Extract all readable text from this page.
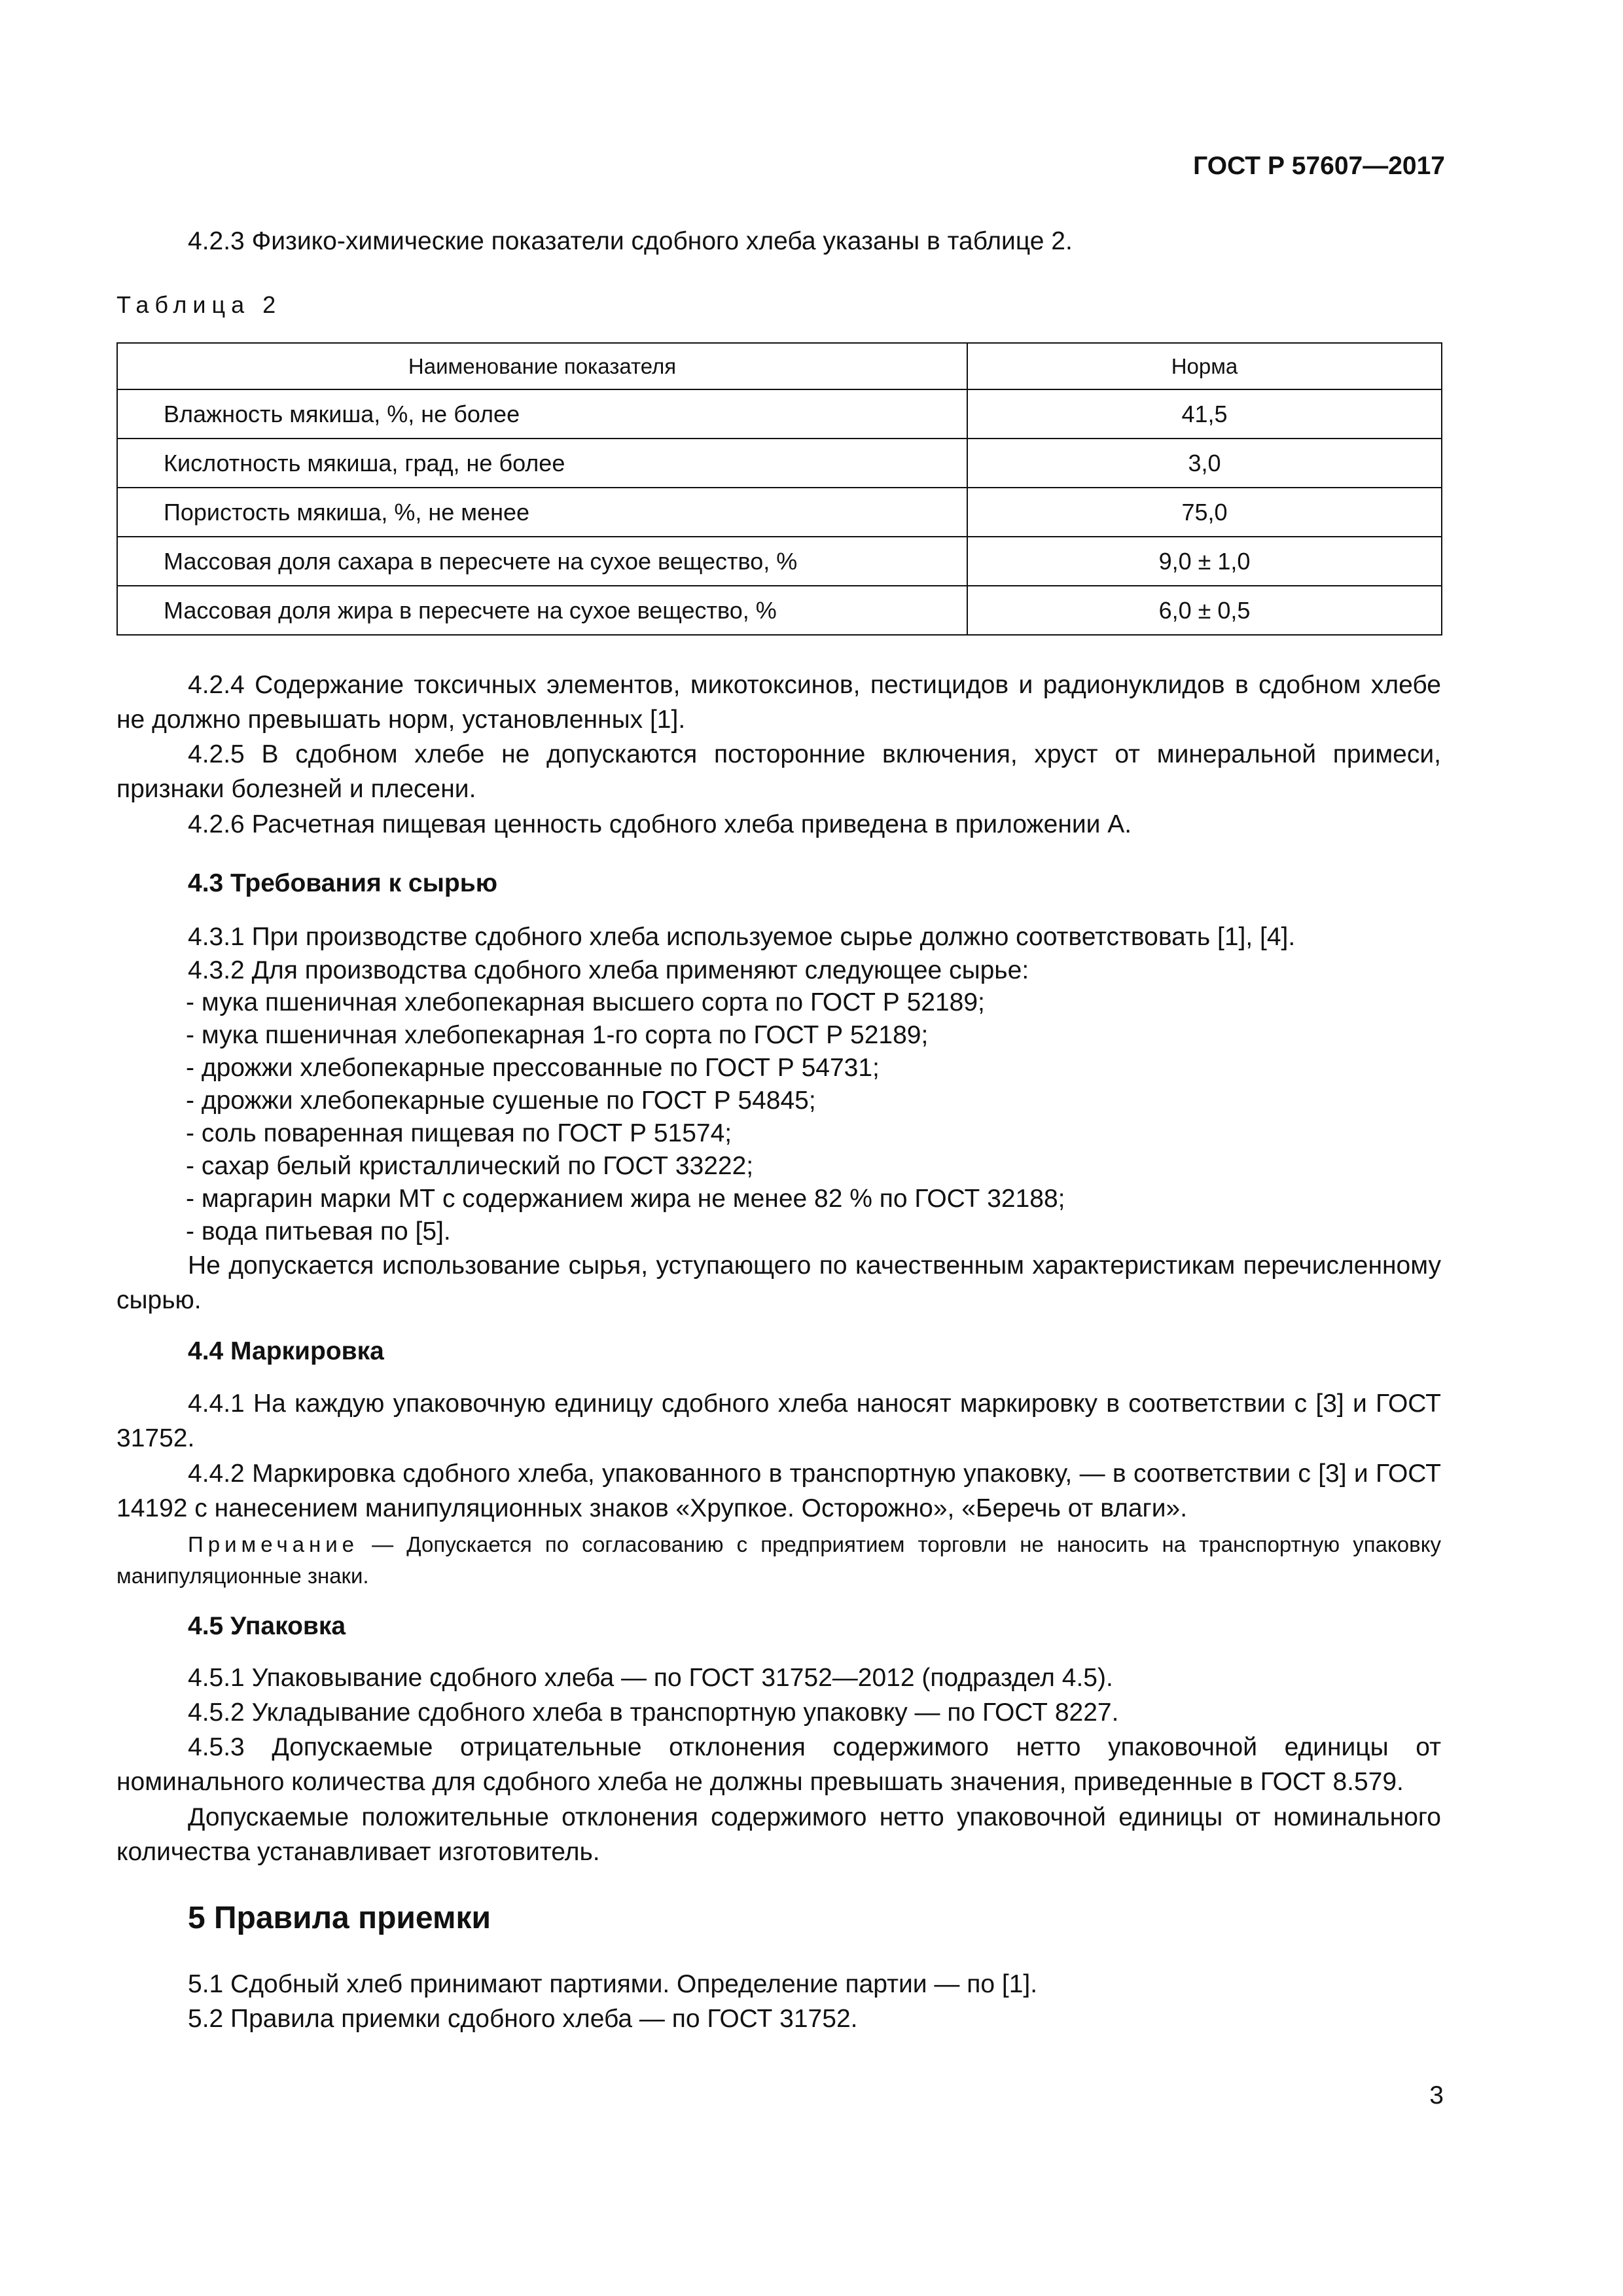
ГОСТ Р 57607—2017

4.2.3 Физико-химические показатели сдобного хлеба указаны в таблице 2.

Таблица 2
Наименование показателя	Норма
Влажность мякиша, %, не более	41,5
Кислотность мякиша, град, не более	3,0
Пористость мякиша, %, не менее	75,0
Массовая доля сахара в пересчете на сухое вещество, %	9,0 ± 1,0
Массовая доля жира в пересчете на сухое вещество, %	6,0 ± 0,5

4.2.4 Содержание токсичных элементов, микотоксинов, пестицидов и радионуклидов в сдобном хлебе не должно превышать норм, установленных [1].

4.2.5 В сдобном хлебе не допускаются посторонние включения, хруст от минеральной примеси, признаки болезней и плесени.

4.2.6 Расчетная пищевая ценность сдобного хлеба приведена в приложении А.

4.3 Требования к сырью

4.3.1 При производстве сдобного хлеба используемое сырье должно соответствовать [1], [4].

4.3.2 Для производства сдобного хлеба применяют следующее сырье:

- мука пшеничная хлебопекарная высшего сорта по ГОСТ Р 52189;

- мука пшеничная хлебопекарная 1-го сорта по ГОСТ Р 52189;

- дрожжи хлебопекарные прессованные по ГОСТ Р 54731;

- дрожжи хлебопекарные сушеные по ГОСТ Р 54845;

- соль поваренная пищевая по ГОСТ Р 51574;

- сахар белый кристаллический по ГОСТ 33222;

- маргарин марки МТ с содержанием жира не менее 82 % по ГОСТ 32188;

- вода питьевая по [5].

Не допускается использование сырья, уступающего по качественным характеристикам перечисленному сырью.

4.4 Маркировка

4.4.1 На каждую упаковочную единицу сдобного хлеба наносят маркировку в соответствии с [3] и ГОСТ 31752.

4.4.2 Маркировка сдобного хлеба, упакованного в транспортную упаковку, — в соответствии с [3] и ГОСТ 14192 с нанесением манипуляционных знаков «Хрупкое. Осторожно», «Беречь от влаги».

Примечание — Допускается по согласованию с предприятием торговли не наносить на транспортную упаковку манипуляционные знаки.

4.5 Упаковка

4.5.1 Упаковывание сдобного хлеба — по ГОСТ 31752—2012 (подраздел 4.5).

4.5.2 Укладывание сдобного хлеба в транспортную упаковку — по ГОСТ 8227.

4.5.3 Допускаемые отрицательные отклонения содержимого нетто упаковочной единицы от номинального количества для сдобного хлеба не должны превышать значения, приведенные в ГОСТ 8.579.

Допускаемые положительные отклонения содержимого нетто упаковочной единицы от номинального количества устанавливает изготовитель.

5 Правила приемки

5.1 Сдобный хлеб принимают партиями. Определение партии — по [1].

5.2 Правила приемки сдобного хлеба — по ГОСТ 31752.

3
